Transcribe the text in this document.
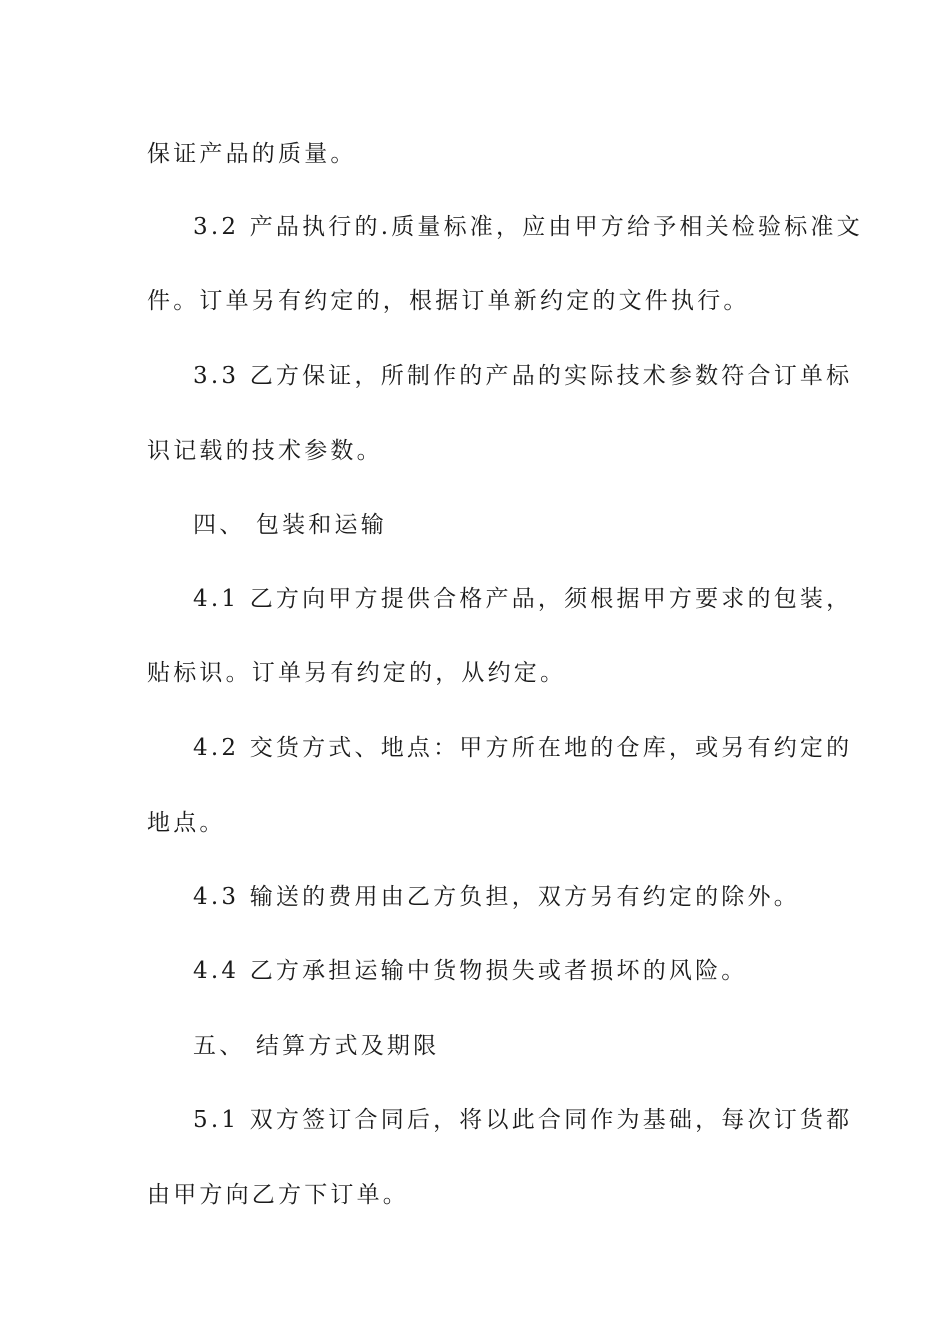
保证产品的质量。
3.2 产品执行的.质量标准，应由甲方给予相关检验标准文
件。订单另有约定的，根据订单新约定的文件执行。
3.3 乙方保证，所制作的产品的实际技术参数符合订单标
识记载的技术参数。
四、 包装和运输
4.1 乙方向甲方提供合格产品，须根据甲方要求的包装，
贴标识。订单另有约定的，从约定。
4.2 交货方式、地点：甲方所在地的仓库，或另有约定的
地点。
4.3 输送的费用由乙方负担，双方另有约定的除外。
4.4 乙方承担运输中货物损失或者损坏的风险。
五、 结算方式及期限
5.1 双方签订合同后，将以此合同作为基础，每次订货都
由甲方向乙方下订单。
